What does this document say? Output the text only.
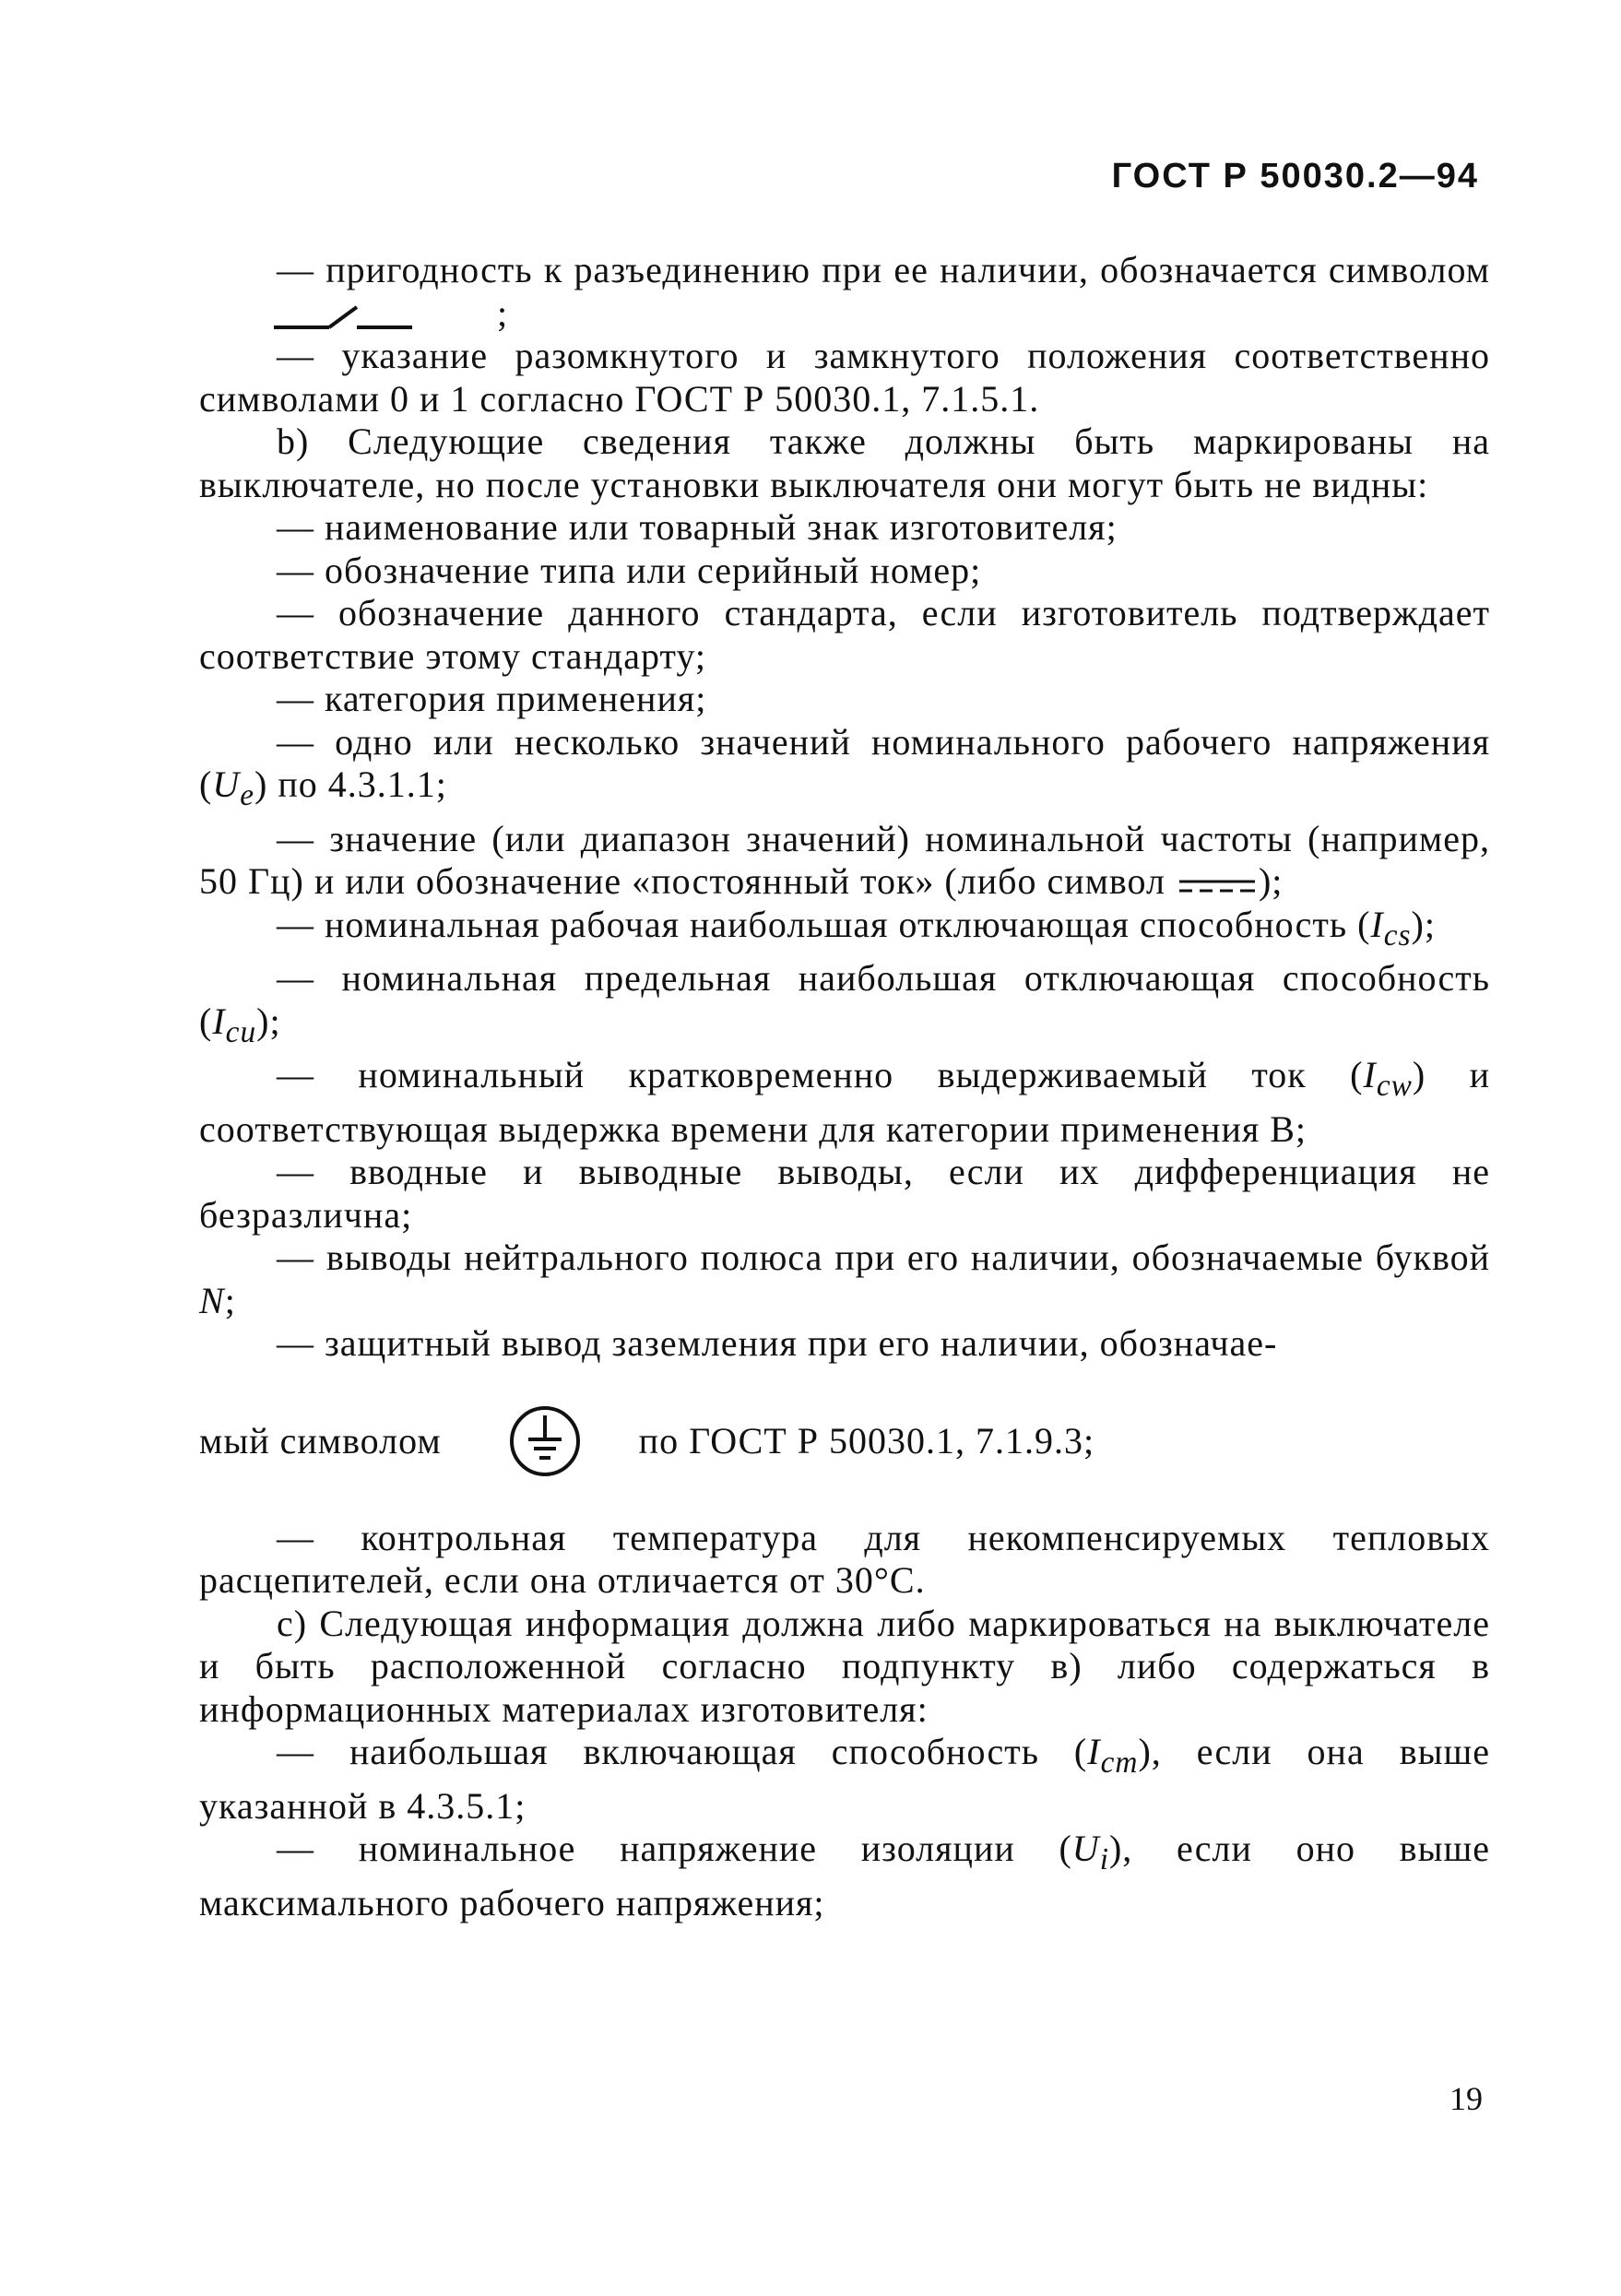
ГОСТ Р 50030.2—94

— пригодность к разъединению при ее наличии, обозначается символом    ;

— указание разомкнутого и замкнутого положения соответственно символами 0 и 1 согласно ГОСТ Р 50030.1, 7.1.5.1.

b) Следующие сведения также должны быть маркированы на выключателе, но после установки выключателя они могут быть не видны:

— наименование или товарный знак изготовителя;

— обозначение типа или серийный номер;

— обозначение данного стандарта, если изготовитель подтверждает соответствие этому стандарту;

— категория применения;

— одно или несколько значений номинального рабочего напряжения $(U_e)$ по 4.3.1.1;

— значение (или диапазон значений) номинальной частоты (например, 50 Гц) и или обозначение «постоянный ток» (либо символ	);

— номинальная рабочая наибольшая отключающая способность $(I_{cs})$;

— номинальная предельная наибольшая отключающая способность $(I_{cu})$;

— номинальный кратковременно выдерживаемый ток $(I_{cw})$ и соответствующая выдержка времени для категории применения В;

— вводные и выводные выводы, если их дифференциация не безразлична;

— выводы нейтрального полюса при его наличии, обозначаемые буквой N;

— защитный вывод заземления при его наличии, обозначае-

мый символом	по ГОСТ Р 50030.1, 7.1.9.3;

— контрольная температура для некомпенсируемых тепловых расцепителей, если она отличается от 30°С.

с) Следующая информация должна либо маркироваться на выключателе и быть расположенной согласно подпункту в) либо содержаться в информационных материалах изготовителя:

— наибольшая включающая способность $(I_{cm})$, если она выше указанной в 4.3.5.1;

— номинальное напряжение изоляции $(U_i)$, если оно выше максимального рабочего напряжения;

19
